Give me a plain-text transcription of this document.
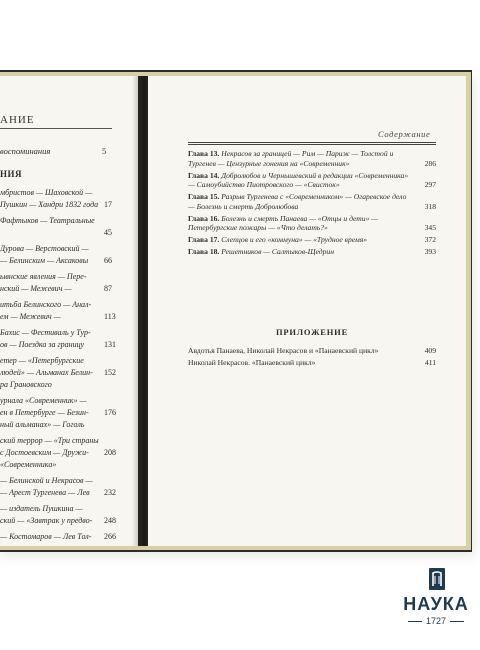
АНИЕ
воспоминания	5
НИЯ
мбристов — Шаховской —
Пушкин — Хандри 1832 года 17
Фафтыков — Театральные
45
Дурова — Верстовский —
— Белинским — Аксаковы 66
ывнские явления — Пере-
нский — Межевич —	87
итьба Белинского — Анал-
ем — Межевич —	113
Бахис — Фестиваль у Тур-
ов — Поездка за границу 131
етер — «Петербургские
людей» — Альманах Белин- 152
ра Грановского
урнала «Современник» —
ен в Петербурге — Безин- 176
ный альманах» — Гоголь
ский террор — «Три страны
с Достоевским — Дружи- 208
«Современника»
— Белинской и Некрасов —
— Арест Тургенева — Лев 232
— издатель Пушкина —
ский — «Завтрак у предво- 248
— Костомаров — Лев Тол- 266
Содержание
Глава 13. Некрасов за границей — Рим — Париж — Толстой и Тургенев — Цензурные гонения на «Современник»	286
Глава 14. Добролюбов и Чернышевский в редакции «Современника» — Самоубийство Пиотровского — «Свисток»	297
Глава 15. Разрыв Тургенева с «Современником» — Огаревское дело — Болезнь и смерть Добролюбова	318
Глава 16. Болезнь и смерть Панаева — «Отцы и дети» — Петербургские пожары — «Что делать?»	345
Глава 17. Слепцов и его «коммуна» — «Трудное время»	372
Глава 18. Решетников — Салтыков-Щедрин	393
ПРИЛОЖЕНИЕ
Авдотья Панаева, Николай Некрасов и «Панаевский цикл»	409
Николай Некрасов. «Панаевский цикл»	411
НАУКА
1727
